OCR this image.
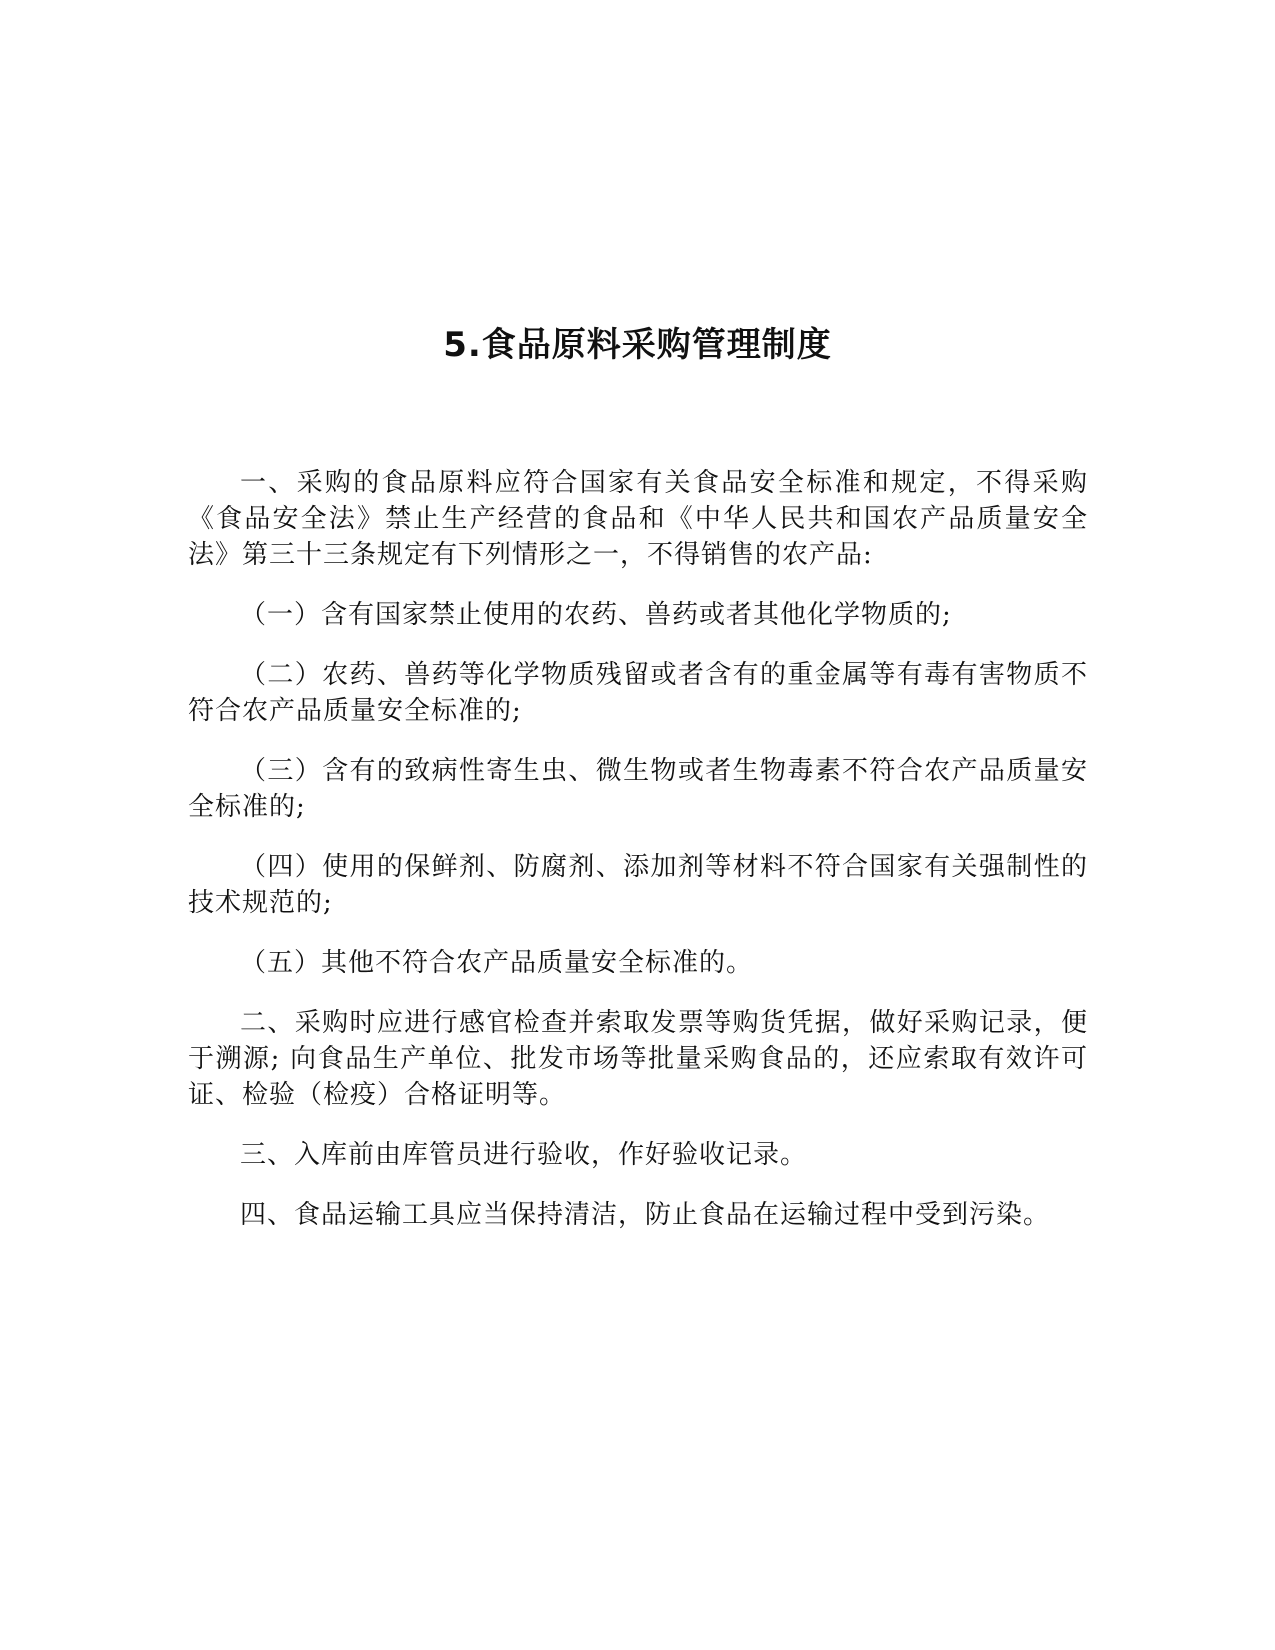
5.食品原料采购管理制度

一、采购的食品原料应符合国家有关食品安全标准和规定，不得采购《食品安全法》禁止生产经营的食品和《中华人民共和国农产品质量安全法》第三十三条规定有下列情形之一，不得销售的农产品:

（一）含有国家禁止使用的农药、兽药或者其他化学物质的;

（二）农药、兽药等化学物质残留或者含有的重金属等有毒有害物质不符合农产品质量安全标准的;

（三）含有的致病性寄生虫、微生物或者生物毒素不符合农产品质量安全标准的;

（四）使用的保鲜剂、防腐剂、添加剂等材料不符合国家有关强制性的技术规范的;

（五）其他不符合农产品质量安全标准的。

二、采购时应进行感官检查并索取发票等购货凭据，做好采购记录，便于溯源; 向食品生产单位、批发市场等批量采购食品的，还应索取有效许可证、检验（检疫）合格证明等。

三、入库前由库管员进行验收，作好验收记录。

四、食品运输工具应当保持清洁，防止食品在运输过程中受到污染。
